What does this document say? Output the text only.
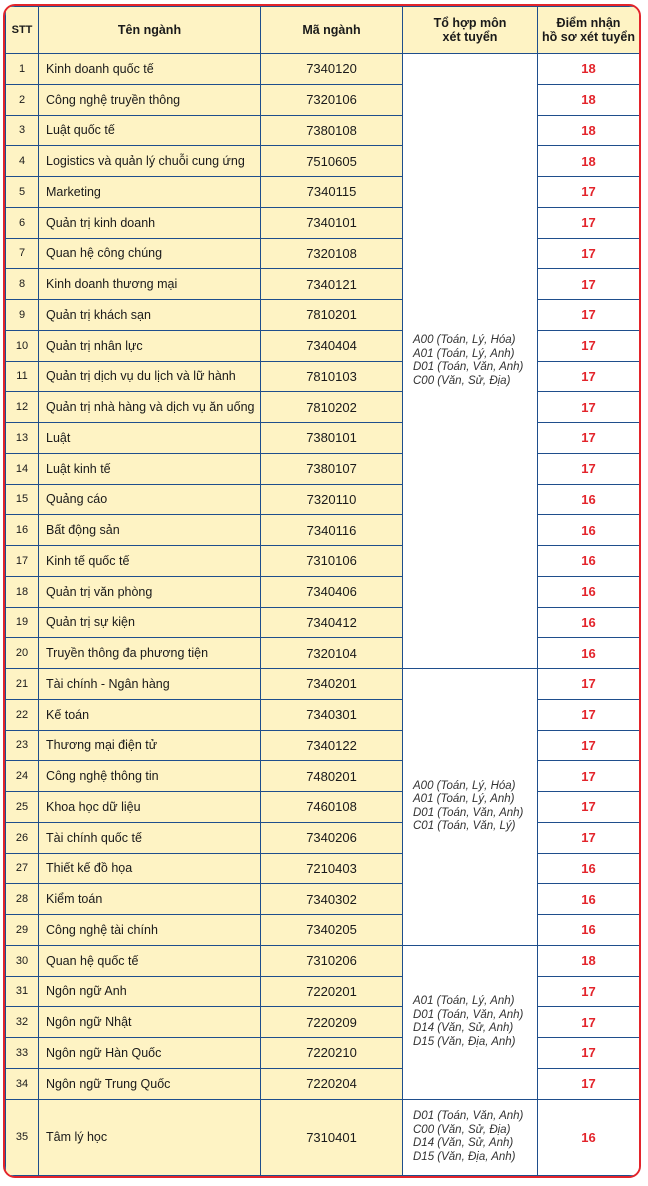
STT	Tên ngành	Mã ngành	Tổ hợp môn
xét tuyển	Điểm nhận
hồ sơ xét tuyển
1	Kinh doanh quốc tế	7340120	A00 (Toán, Lý, Hóa)
A01 (Toán, Lý, Anh)
D01 (Toán, Văn, Anh)
C00 (Văn, Sử, Địa)	18
2	Công nghệ truyền thông	7320106		18
3	Luật quốc tế	7380108		18
4	Logistics và quản lý chuỗi cung ứng	7510605		18
5	Marketing	7340115		17
6	Quản trị kinh doanh	7340101		17
7	Quan hệ công chúng	7320108		17
8	Kinh doanh thương mại	7340121		17
9	Quản trị khách sạn	7810201		17
10	Quản trị nhân lực	7340404		17
11	Quản trị dịch vụ du lịch và lữ hành	7810103		17
12	Quản trị nhà hàng và dịch vụ ăn uống	7810202		17
13	Luật	7380101		17
14	Luật kinh tế	7380107		17
15	Quảng cáo	7320110		16
16	Bất động sản	7340116		16
17	Kinh tế quốc tế	7310106		16
18	Quản trị văn phòng	7340406		16
19	Quản trị sự kiện	7340412		16
20	Truyền thông đa phương tiện	7320104		16
21	Tài chính - Ngân hàng	7340201	A00 (Toán, Lý, Hóa)
A01 (Toán, Lý, Anh)
D01 (Toán, Văn, Anh)
C01 (Toán, Văn, Lý)	17
22	Kế toán	7340301		17
23	Thương mại điện tử	7340122		17
24	Công nghệ thông tin	7480201		17
25	Khoa học dữ liệu	7460108		17
26	Tài chính quốc tế	7340206		17
27	Thiết kế đồ họa	7210403		16
28	Kiểm toán	7340302		16
29	Công nghệ tài chính	7340205		16
30	Quan hệ quốc tế	7310206	A01 (Toán, Lý, Anh)
D01 (Toán, Văn, Anh)
D14 (Văn, Sử, Anh)
D15 (Văn, Địa, Anh)	18
31	Ngôn ngữ Anh	7220201		17
32	Ngôn ngữ Nhật	7220209		17
33	Ngôn ngữ Hàn Quốc	7220210		17
34	Ngôn ngữ Trung Quốc	7220204		17
35	Tâm lý học	7310401	D01 (Toán, Văn, Anh)
C00 (Văn, Sử, Địa)
D14 (Văn, Sử, Anh)
D15 (Văn, Địa, Anh)	16
